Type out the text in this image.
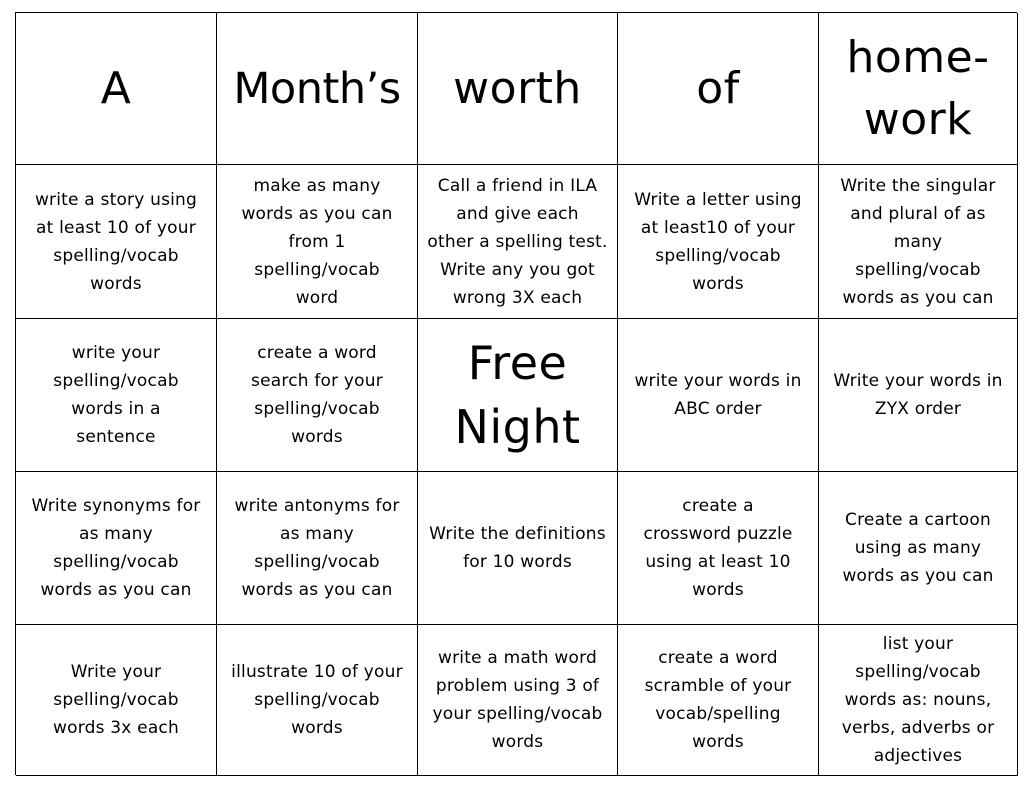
A Month’s worth	of
home-
work
write a story using
at least 10 of your
spelling/vocab
words
make as many
words as you can
from 1
spelling/vocab
word
Call a friend in ILA
and give each
other a spelling test.
Write any you got
wrong 3X each
Write a letter using
at least10 of your
spelling/vocab
words
Write the singular
and plural of as
many
spelling/vocab
words as you can
write your
spelling/vocab
words in a
sentence
create a word
search for your
spelling/vocab
words
Free
Night
write your words in
ABC order
Write your words in
ZYX order
Write synonyms for
as many
spelling/vocab
words as you can
write antonyms for
as many
spelling/vocab
words as you can
Write the definitions
for 10 words
create a
crossword puzzle
using at least 10
words
Create a cartoon
using as many
words as you can
Write your
spelling/vocab
words 3x each
illustrate 10 of your
spelling/vocab
words
write a math word
problem using 3 of
your spelling/vocab
words
create a word
scramble of your
vocab/spelling
words
list your
spelling/vocab
words as: nouns,
verbs, adverbs or
adjectives
